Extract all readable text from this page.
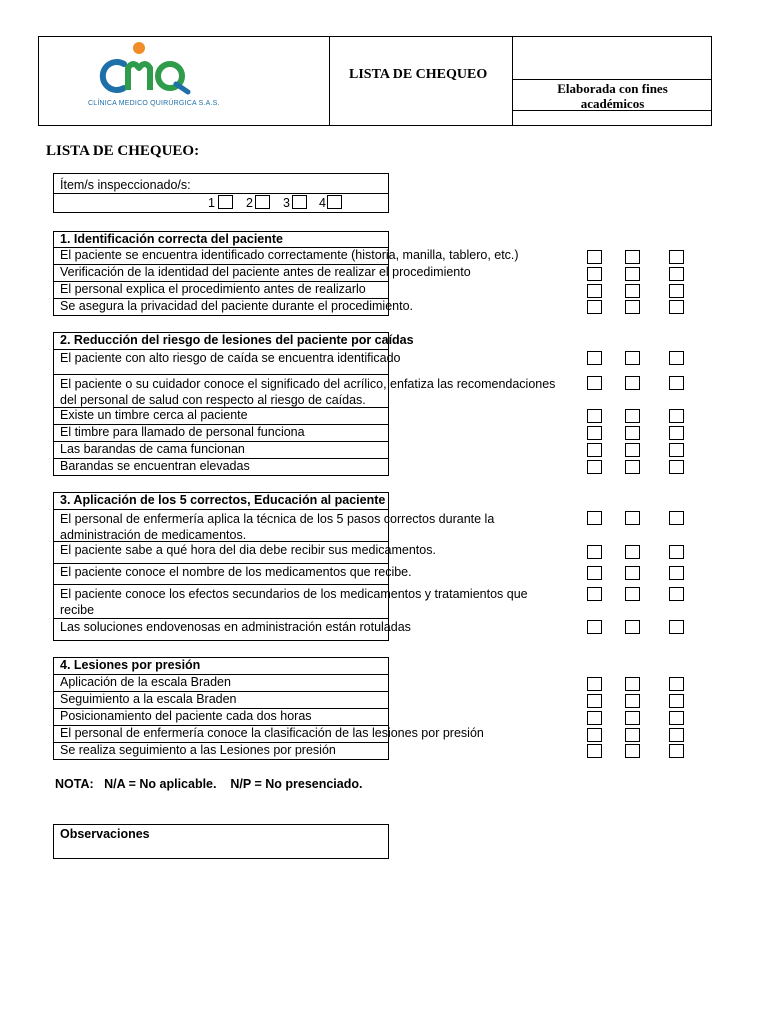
CLÍNICA MEDICO QUIRÚRGICA S.A.S.
LISTA DE CHEQUEO
Elaborada con fines académicos
LISTA DE CHEQUEO:
Ítem/s inspeccionado/s:
1 2 3 4
1. Identificación correcta del paciente
El paciente se encuentra identificado correctamente (historia, manilla, tablero, etc.)
Verificación de la identidad del paciente antes de realizar el procedimiento
El personal explica el procedimiento antes de realizarlo
Se asegura la privacidad del paciente durante el procedimiento.
2. Reducción del riesgo de lesiones del paciente por caídas
El paciente con alto riesgo de caída se encuentra identificado
El paciente o su cuidador conoce el significado del acrílico, enfatiza las recomendaciones del personal de salud con respecto al riesgo de caídas.
Existe un timbre cerca al paciente
El timbre para llamado de personal funciona
Las barandas de cama funcionan
Barandas se encuentran elevadas
3. Aplicación de los 5 correctos, Educación al paciente
El personal de enfermería aplica la técnica de los 5 pasos correctos durante la administración de medicamentos.
El paciente sabe a qué hora del dia debe recibir sus medicamentos.
El paciente conoce el nombre de los medicamentos que recibe.
El paciente conoce los efectos secundarios de los medicamentos y tratamientos que recibe
Las soluciones endovenosas en administración están rotuladas
4. Lesiones por presión
Aplicación de la escala Braden
Seguimiento a la escala Braden
Posicionamiento del paciente cada dos horas
El personal de enfermería conoce la clasificación de las lesiones por presión
Se realiza seguimiento a las Lesiones por presión
NOTA:   N/A = No aplicable.    N/P = No presenciado.
Observaciones
